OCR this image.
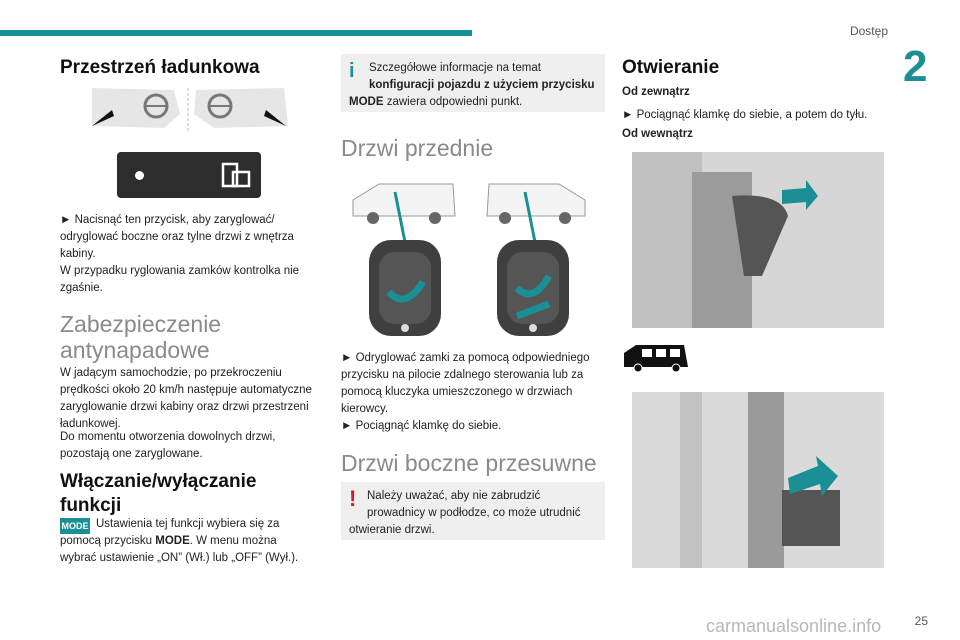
Dostęp
2
25
carmanualsonline.info
Przestrzeń ładunkowa
► Nacisnąć ten przycisk, aby zaryglować/ odryglować boczne oraz tylne drzwi z wnętrza kabiny.
W przypadku ryglowania zamków kontrolka nie zgaśnie.
Zabezpieczenie antynapadowe
W jadącym samochodzie, po przekroczeniu prędkości około 20 km/h następuje automatyczne zaryglowanie drzwi kabiny oraz drzwi przestrzeni ładunkowej.
Do momentu otworzenia dowolnych drzwi, pozostają one zaryglowane.
Włączanie/wyłączanie funkcji
MODE Ustawienia tej funkcji wybiera się za pomocą przycisku MODE. W menu można wybrać ustawienie „ON” (Wł.) lub „OFF” (Wył.).
i	Szczegółowe informacje na temat konfiguracji pojazdu z użyciem przycisku MODE zawiera odpowiedni punkt.
Drzwi przednie
► Odryglować zamki za pomocą odpowiedniego przycisku na pilocie zdalnego sterowania lub za pomocą kluczyka umieszczonego w drzwiach kierowcy.
► Pociągnąć klamkę do siebie.
Drzwi boczne przesuwne
! Należy uważać, aby nie zabrudzić prowadnicy w podłodze, co może utrudnić otwieranie drzwi.
Otwieranie
Od zewnątrz
► Pociągnąć klamkę do siebie, a potem do tyłu.
Od wewnątrz
